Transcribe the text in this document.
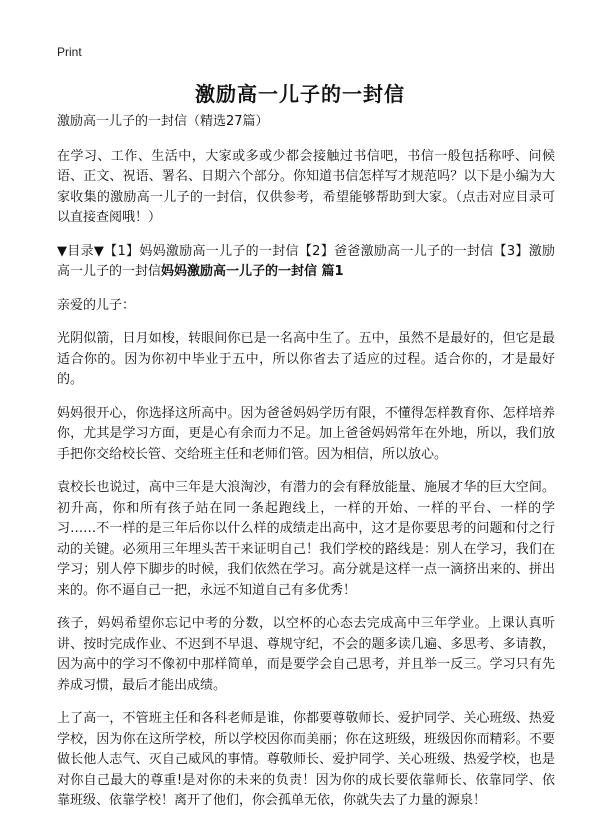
Print
激励高一儿子的一封信

激励高一儿子的一封信（精选27篇）

在学习、工作、生活中，大家或多或少都会接触过书信吧，书信一般包括称呼、问候语、正文、祝语、署名、日期六个部分。你知道书信怎样写才规范吗？以下是小编为大家收集的激励高一儿子的一封信，仅供参考，希望能够帮助到大家。（点击对应目录可以直接查阅哦！）

▼目录▼【1】妈妈激励高一儿子的一封信【2】爸爸激励高一儿子的一封信【3】激励高一儿子的一封信妈妈激励高一儿子的一封信 篇1

亲爱的儿子：

光阴似箭，日月如梭，转眼间你已是一名高中生了。五中，虽然不是最好的，但它是最适合你的。因为你初中毕业于五中，所以你省去了适应的过程。适合你的，才是最好的。

妈妈很开心，你选择这所高中。因为爸爸妈妈学历有限，不懂得怎样教育你、怎样培养你，尤其是学习方面，更是心有余而力不足。加上爸爸妈妈常年在外地，所以，我们放手把你交给校长管、交给班主任和老师们管。因为相信，所以放心。

袁校长也说过，高中三年是大浪淘沙，有潜力的会有释放能量、施展才华的巨大空间。初升高，你和所有孩子站在同一条起跑线上，一样的开始、一样的平台、一样的学习……不一样的是三年后你以什么样的成绩走出高中，这才是你要思考的问题和付之行动的关键。必须用三年埋头苦干来证明自己！我们学校的路线是：别人在学习，我们在学习；别人停下脚步的时候，我们依然在学习。高分就是这样一点一滴挤出来的、拼出来的。你不逼自己一把，永远不知道自己有多优秀！

孩子，妈妈希望你忘记中考的分数，以空杯的心态去完成高中三年学业。上课认真听讲、按时完成作业、不迟到不早退、尊规守纪，不会的题多读几遍、多思考、多请教，因为高中的学习不像初中那样简单，而是要学会自己思考，并且举一反三。学习只有先养成习惯，最后才能出成绩。

上了高一，不管班主任和各科老师是谁，你都要尊敬师长、爱护同学、关心班级、热爱学校，因为你在这所学校，所以学校因你而美丽；你在这班级，班级因你而精彩。不要做长他人志气、灭自己威风的事情。尊敬师长、爱护同学、关心班级、热爱学校，也是对你自己最大的尊重!是对你的未来的负责！因为你的成长要依靠师长、依靠同学、依靠班级、依靠学校！离开了他们，你会孤单无依，你就失去了力量的源泉！
